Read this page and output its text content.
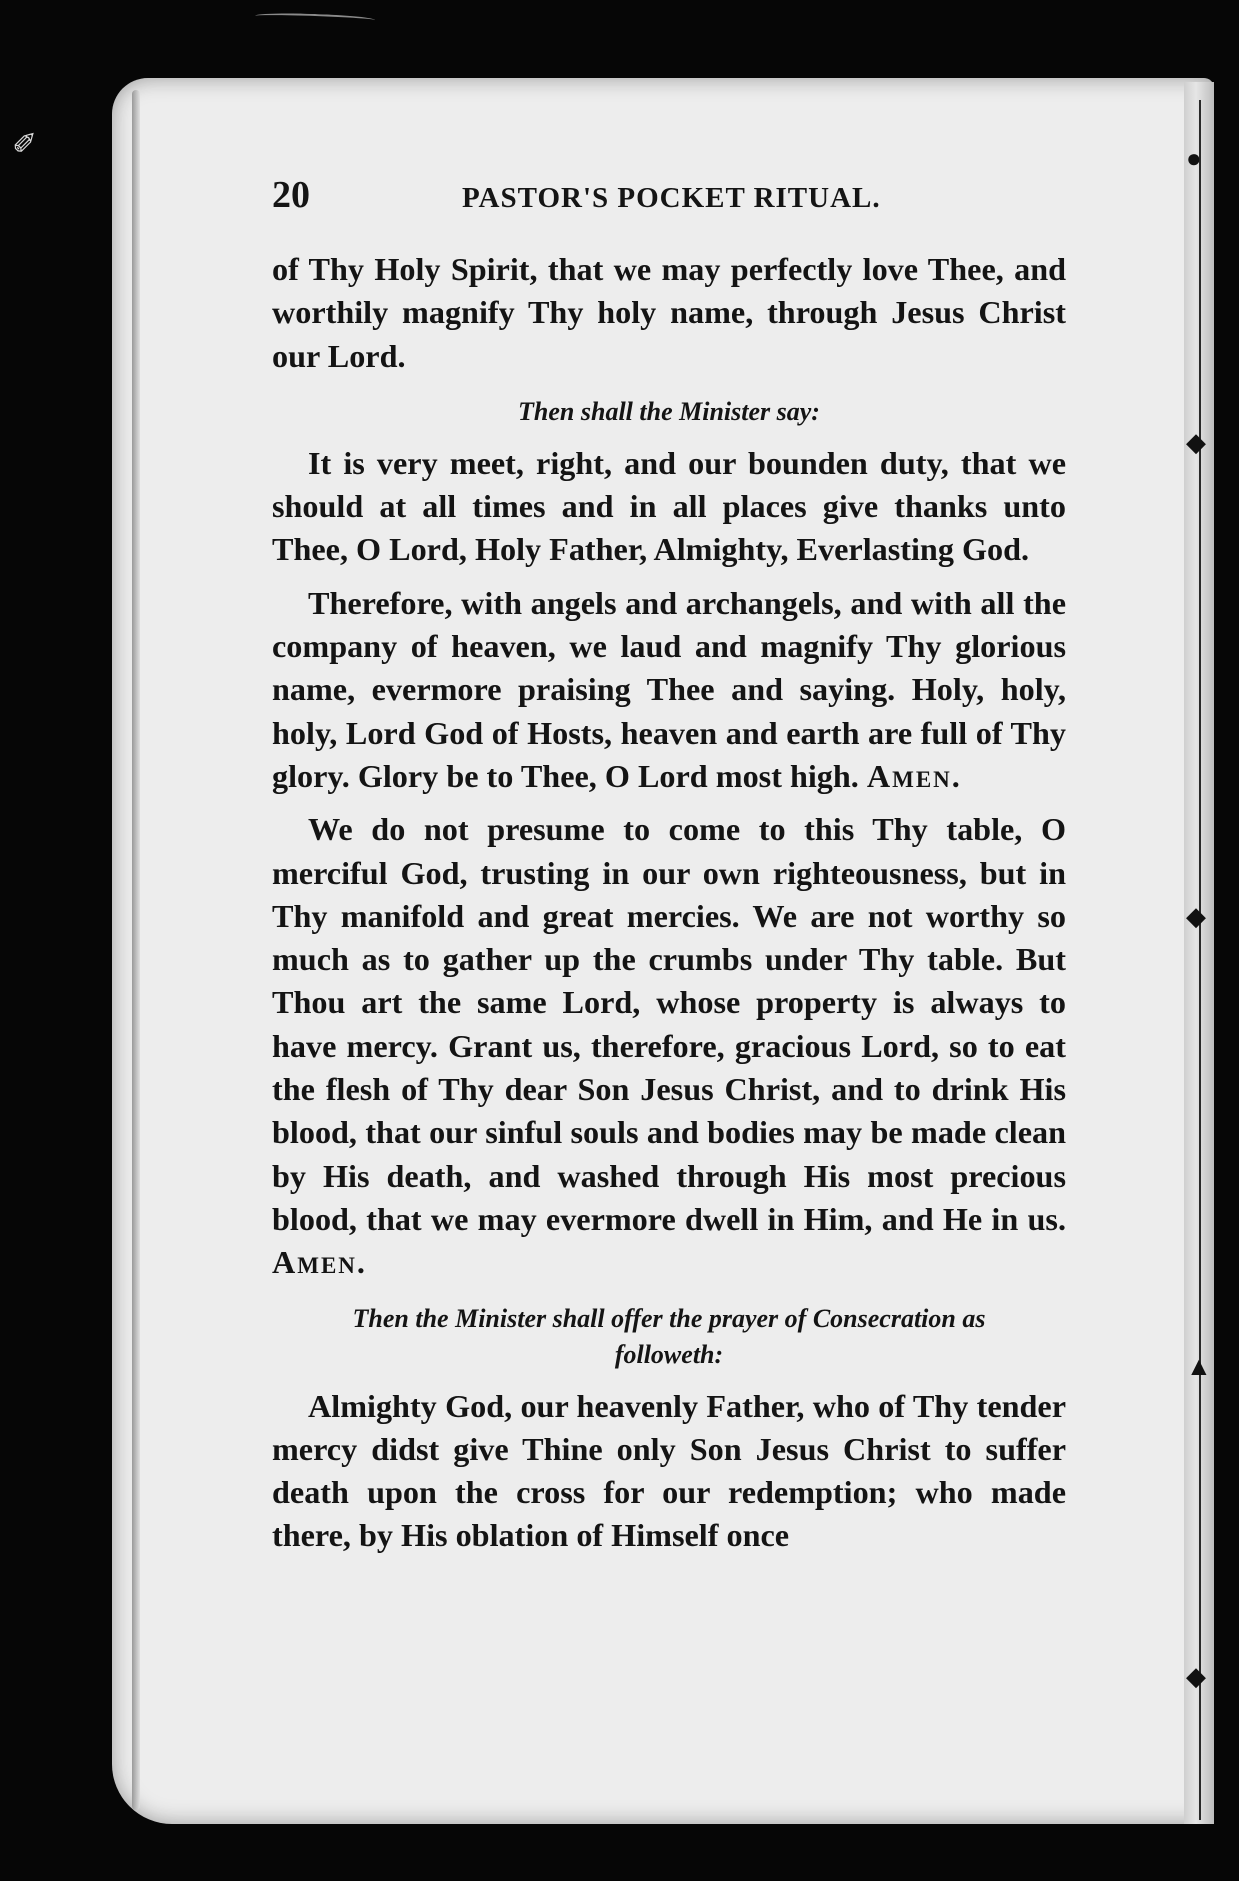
✐	●
◆
◆
▲
◆
20	PASTOR'S POCKET RITUAL.

of Thy Holy Spirit, that we may perfectly love Thee, and worthily magnify Thy holy name, through Jesus Christ our Lord.

Then shall the Minister say:

It is very meet, right, and our bounden duty, that we should at all times and in all places give thanks unto Thee, O Lord, Holy Father, Almighty, Everlasting God.

Therefore, with angels and archangels, and with all the company of heaven, we laud and magnify Thy glorious name, evermore praising Thee and saying. Holy, holy, holy, Lord God of Hosts, heaven and earth are full of Thy glory. Glory be to Thee, O Lord most high. Amen.

We do not presume to come to this Thy table, O merciful God, trusting in our own righteousness, but in Thy manifold and great mercies. We are not worthy so much as to gather up the crumbs under Thy table. But Thou art the same Lord, whose property is always to have mercy. Grant us, therefore, gracious Lord, so to eat the flesh of Thy dear Son Jesus Christ, and to drink His blood, that our sinful souls and bodies may be made clean by His death, and washed through His most precious blood, that we may evermore dwell in Him, and He in us. Amen.

Then the Minister shall offer the prayer of Consecration as followeth:

Almighty God, our heavenly Father, who of Thy tender mercy didst give Thine only Son Jesus Christ to suffer death upon the cross for our redemption; who made there, by His oblation of Himself once
